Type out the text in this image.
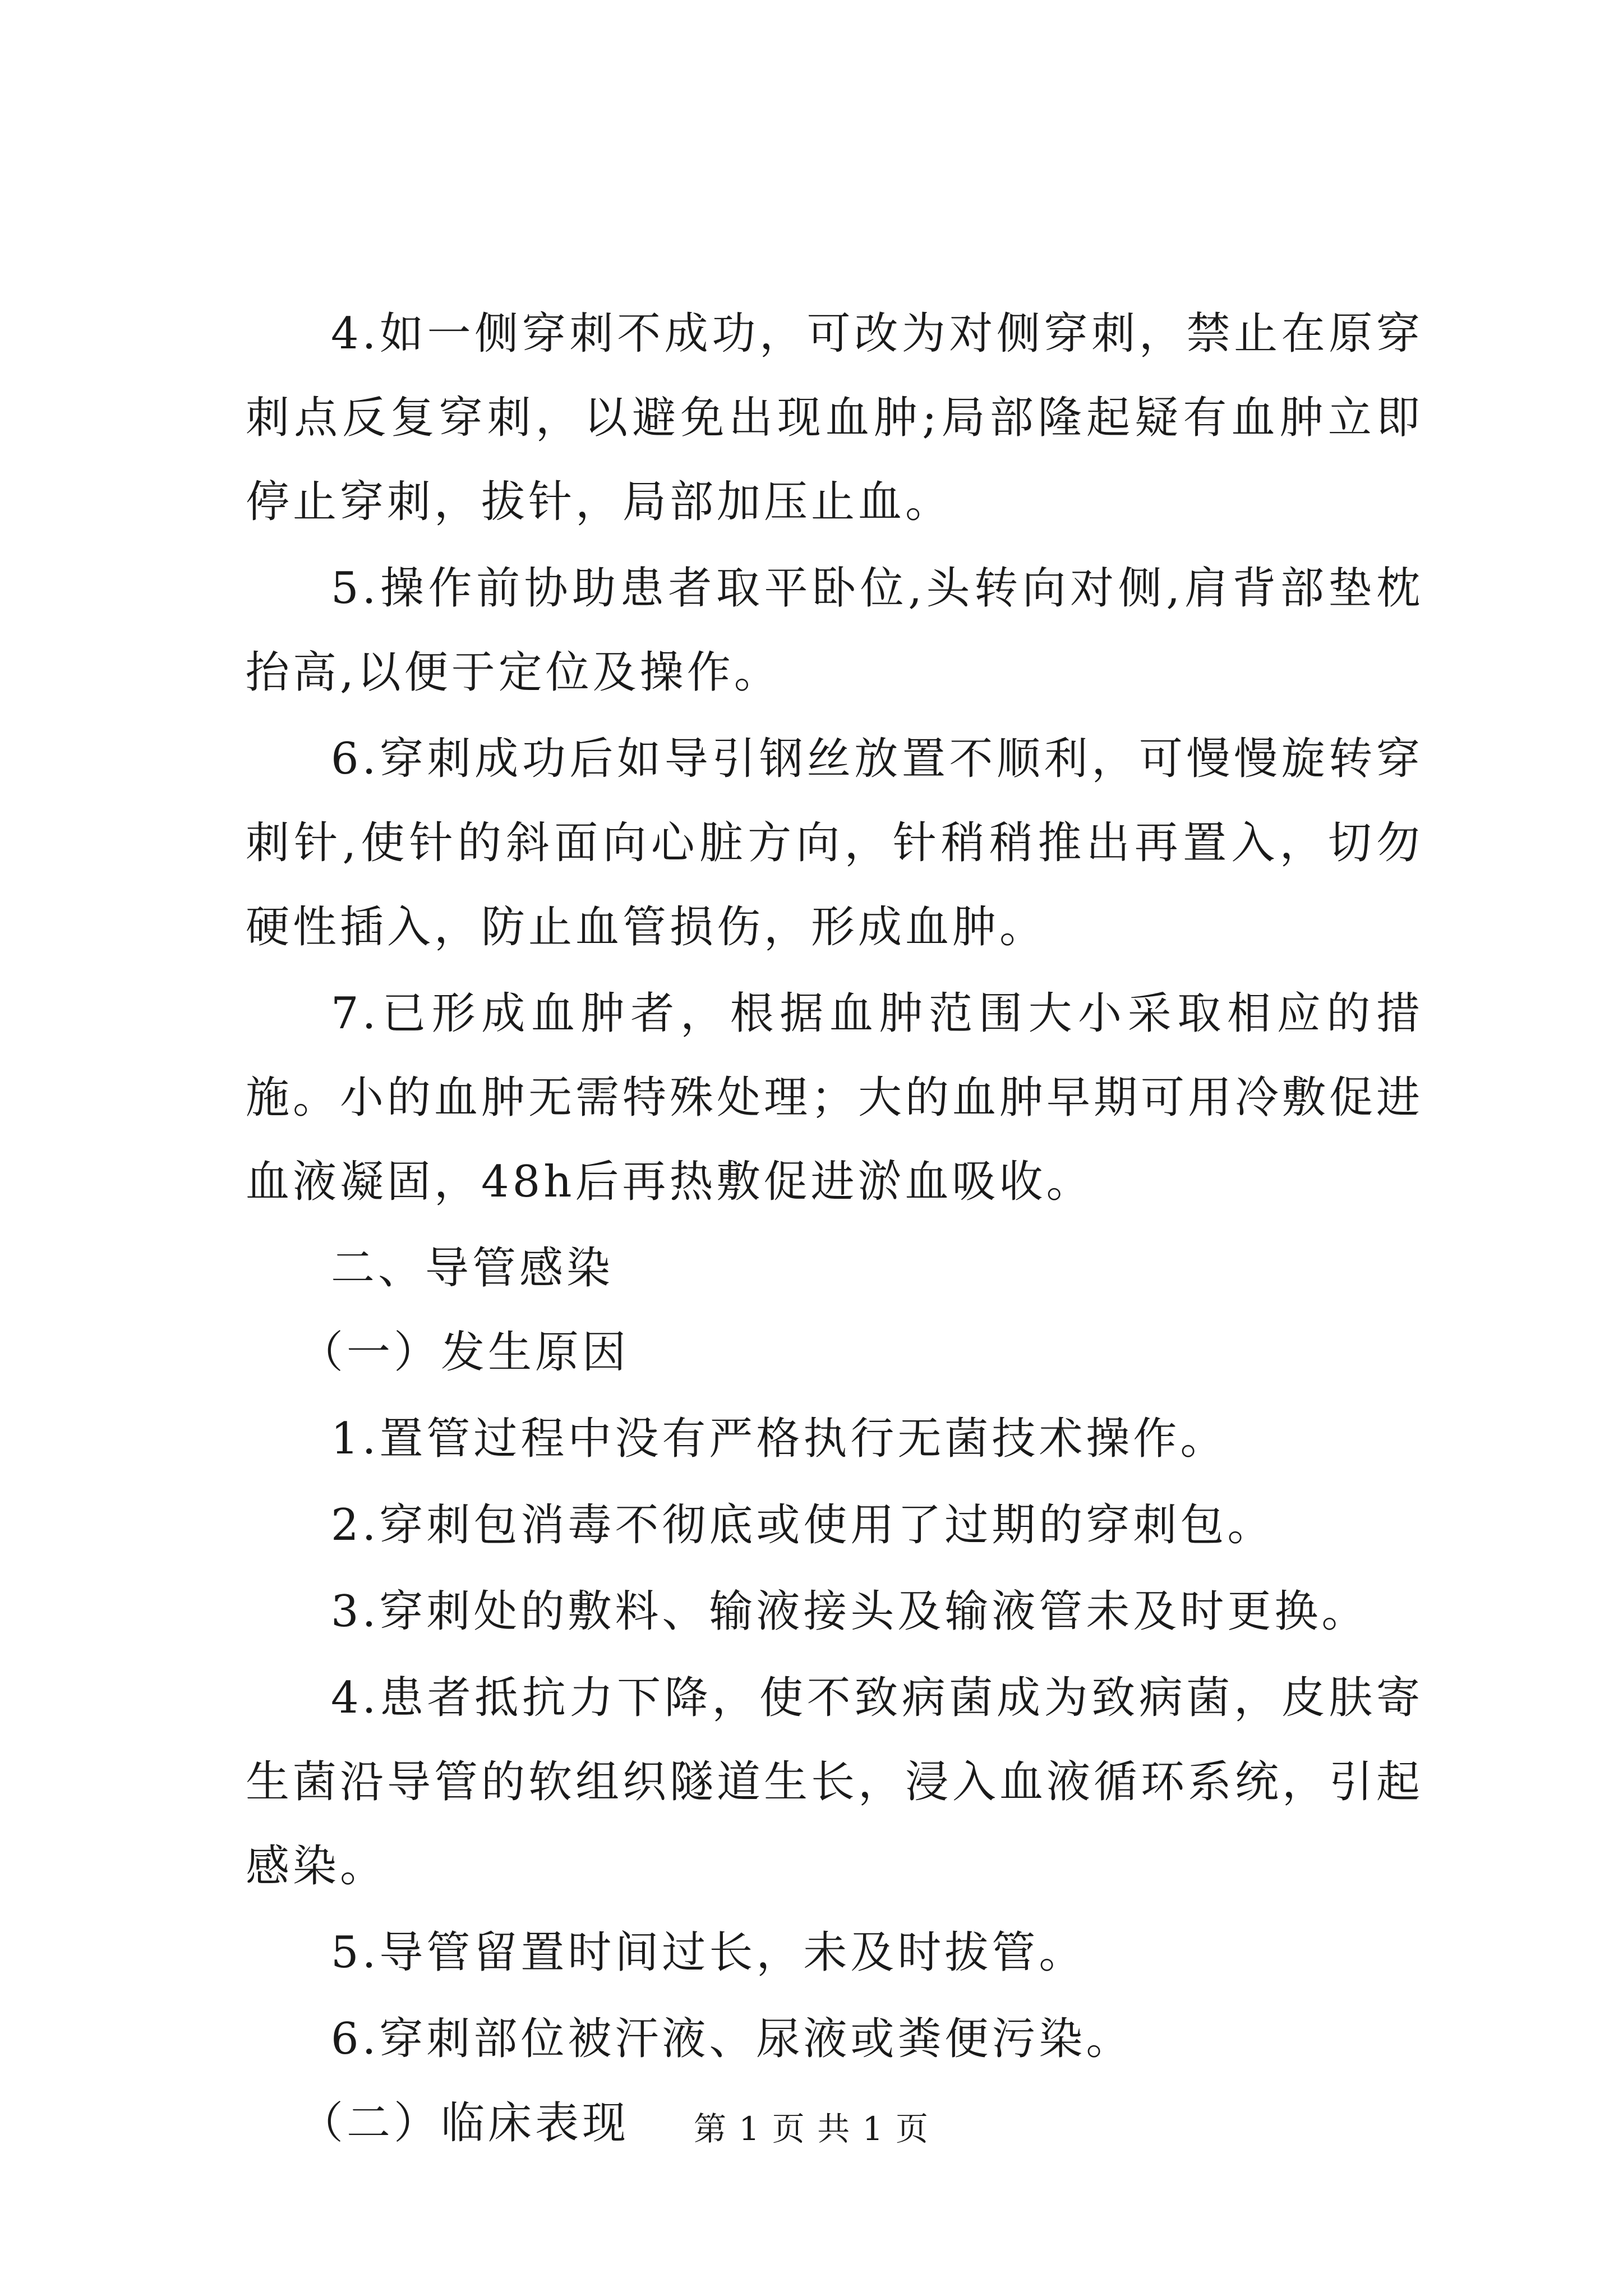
4.如一侧穿刺不成功，可改为对侧穿刺，禁止在原穿刺点反复穿刺，以避免出现血肿;局部隆起疑有血肿立即停止穿刺，拔针，局部加压止血。

5.操作前协助患者取平卧位,头转向对侧,肩背部垫枕抬高,以便于定位及操作。

6.穿刺成功后如导引钢丝放置不顺利，可慢慢旋转穿刺针,使针的斜面向心脏方向，针稍稍推出再置入，切勿硬性插入，防止血管损伤，形成血肿。

7.已形成血肿者，根据血肿范围大小采取相应的措施。小的血肿无需特殊处理；大的血肿早期可用冷敷促进血液凝固，48h后再热敷促进淤血吸收。

二、导管感染

（一）发生原因

1.置管过程中没有严格执行无菌技术操作。

2.穿刺包消毒不彻底或使用了过期的穿刺包。

3.穿刺处的敷料、输液接头及输液管未及时更换。

4.患者抵抗力下降，使不致病菌成为致病菌，皮肤寄生菌沿导管的软组织隧道生长，浸入血液循环系统，引起感染。

5.导管留置时间过长，未及时拔管。

6.穿刺部位被汗液、尿液或粪便污染。

（二）临床表现	第 1 页 共 1 页
